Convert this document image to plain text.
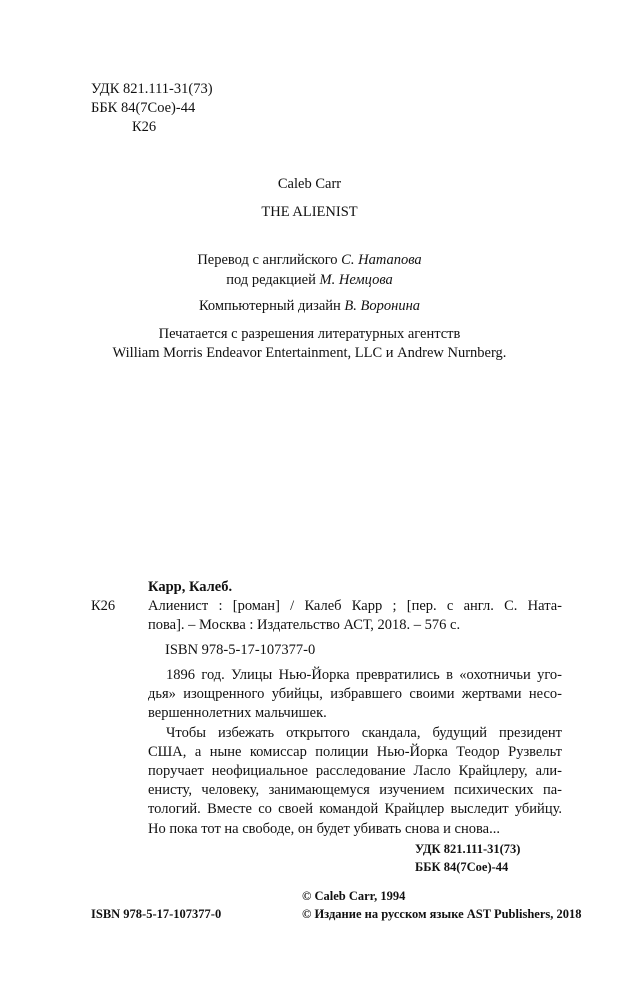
УДК 821.111-31(73)
ББК 84(7Сое)-44
К26
Caleb Carr
THE ALIENIST
Перевод с английского С. Натапова
под редакцией М. Немцова
Компьютерный дизайн В. Воронина
Печатается с разрешения литературных агентств
William Morris Endeavor Entertainment, LLC и Andrew Nurnberg.
Карр, Калеб.
К26 Алиенист : [роман] / Калеб Карр ; [пер. с англ. С. Ната-
пова]. – Москва : Издательство АСТ, 2018. – 576 с.
ISBN 978-5-17-107377-0
1896 год. Улицы Нью-Йорка превратились в «охотничьи уго-
дья» изощренного убийцы, избравшего своими жертвами несо-
вершеннолетних мальчишек.
Чтобы избежать открытого скандала, будущий президент
США, а ныне комиссар полиции Нью-Йорка Теодор Рузвельт
поручает неофициальное расследование Ласло Крайцлеру, али-
енисту, человеку, занимающемуся изучением психических па-
тологий. Вместе со своей командой Крайцлер выследит убийцу.
Но пока тот на свободе, он будет убивать снова и снова...
УДК 821.111-31(73)
ББК 84(7Сое)-44
© Caleb Carr, 1994
ISBN 978-5-17-107377-0	© Издание на русском языке AST Publishers, 2018
